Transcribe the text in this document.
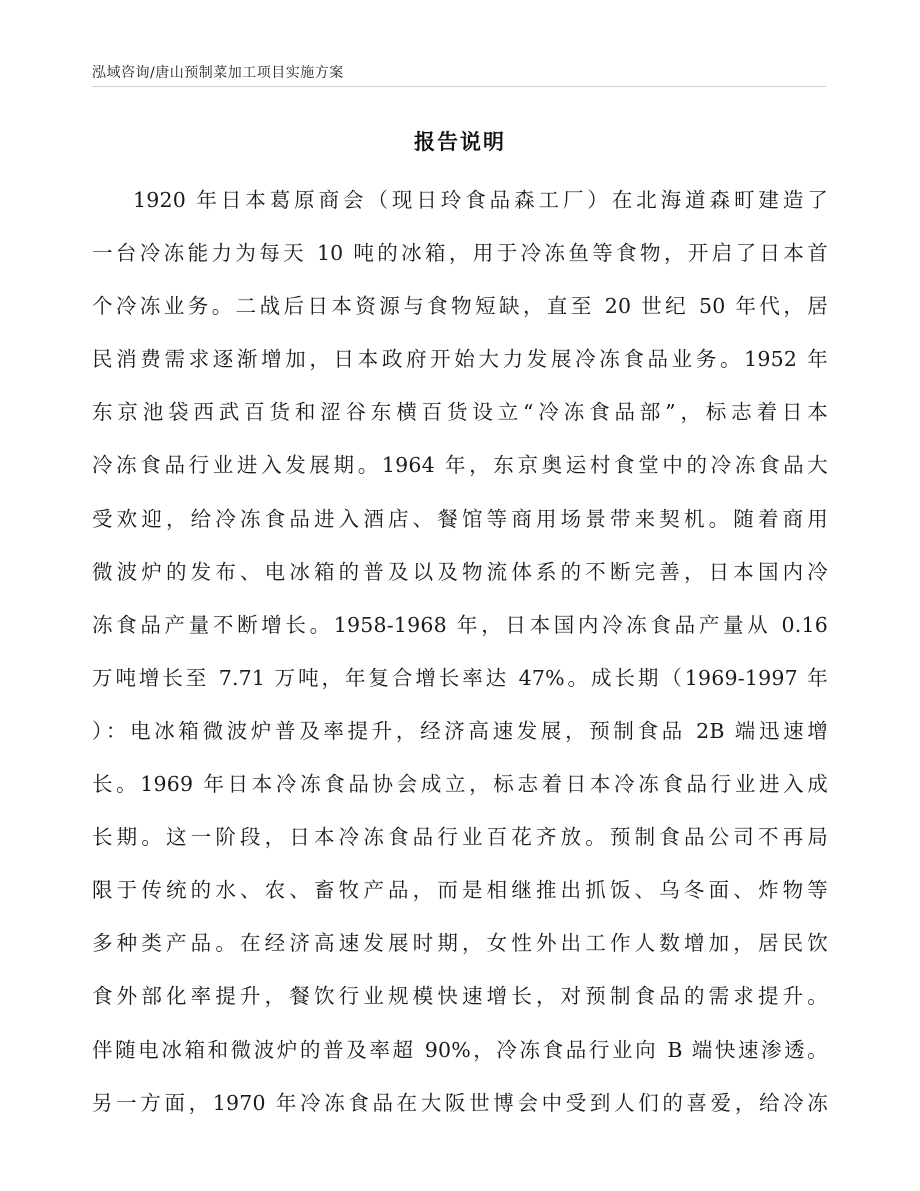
泓域咨询/唐山预制菜加工项目实施方案
报告说明
1920 年日本葛原商会（现日玲食品森工厂）在北海道森町建造了
一台冷冻能力为每天 10 吨的冰箱，用于冷冻鱼等食物，开启了日本首
个冷冻业务。二战后日本资源与食物短缺，直至 20 世纪 50 年代，居
民消费需求逐渐增加，日本政府开始大力发展冷冻食品业务。1952 年
东京池袋西武百货和涩谷东横百货设立“冷冻食品部”，标志着日本
冷冻食品行业进入发展期。1964 年，东京奥运村食堂中的冷冻食品大
受欢迎，给冷冻食品进入酒店、餐馆等商用场景带来契机。随着商用
微波炉的发布、电冰箱的普及以及物流体系的不断完善，日本国内冷
冻食品产量不断增长。1958-1968 年，日本国内冷冻食品产量从 0.16
万吨增长至 7.71 万吨，年复合增长率达 47%。成长期（1969-1997 年
）：电冰箱微波炉普及率提升，经济高速发展，预制食品 2B 端迅速增
长。1969 年日本冷冻食品协会成立，标志着日本冷冻食品行业进入成
长期。这一阶段，日本冷冻食品行业百花齐放。预制食品公司不再局
限于传统的水、农、畜牧产品，而是相继推出抓饭、乌冬面、炸物等
多种类产品。在经济高速发展时期，女性外出工作人数增加，居民饮
食外部化率提升，餐饮行业规模快速增长，对预制食品的需求提升。
伴随电冰箱和微波炉的普及率超 90%，冷冻食品行业向 B 端快速渗透。
另一方面，1970 年冷冻食品在大阪世博会中受到人们的喜爱，给冷冻
